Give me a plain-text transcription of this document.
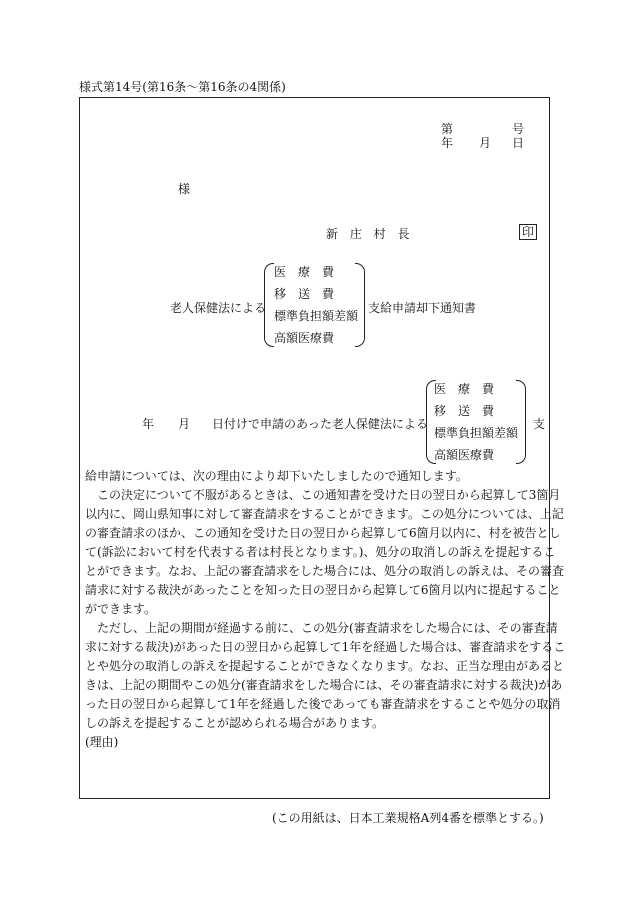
様式第14号(第16条～第16条の4関係)
第	号
年 月 日
様
新 庄 村 長	印
老人保健法による
医　療　費
移　送　費
標準負担額差額
高額医療費
支給申請却下通知書
年 月 日付けで申請のあった老人保健法による
医　療　費
移　送　費
標準負担額差額
高額医療費
支
給申請については、次の理由により却下いたしましたので通知します。
　この決定について不服があるときは、この通知書を受けた日の翌日から起算して3箇月
以内に、岡山県知事に対して審査請求をすることができます。この処分については、上記
の審査請求のほか、この通知を受けた日の翌日から起算して6箇月以内に、村を被告とし
て(訴訟において村を代表する者は村長となります。)、処分の取消しの訴えを提起するこ
とができます。なお、上記の審査請求をした場合には、処分の取消しの訴えは、その審査
請求に対する裁決があったことを知った日の翌日から起算して6箇月以内に提起すること
ができます。
　ただし、上記の期間が経過する前に、この処分(審査請求をした場合には、その審査請
求に対する裁決)があった日の翌日から起算して1年を経過した場合は、審査請求をするこ
とや処分の取消しの訴えを提起することができなくなります。なお、正当な理由があると
きは、上記の期間やこの処分(審査請求をした場合には、その審査請求に対する裁決)があ
った日の翌日から起算して1年を経過した後であっても審査請求をすることや処分の取消
しの訴えを提起することが認められる場合があります。
(理由)
(この用紙は、日本工業規格A列4番を標準とする。)
